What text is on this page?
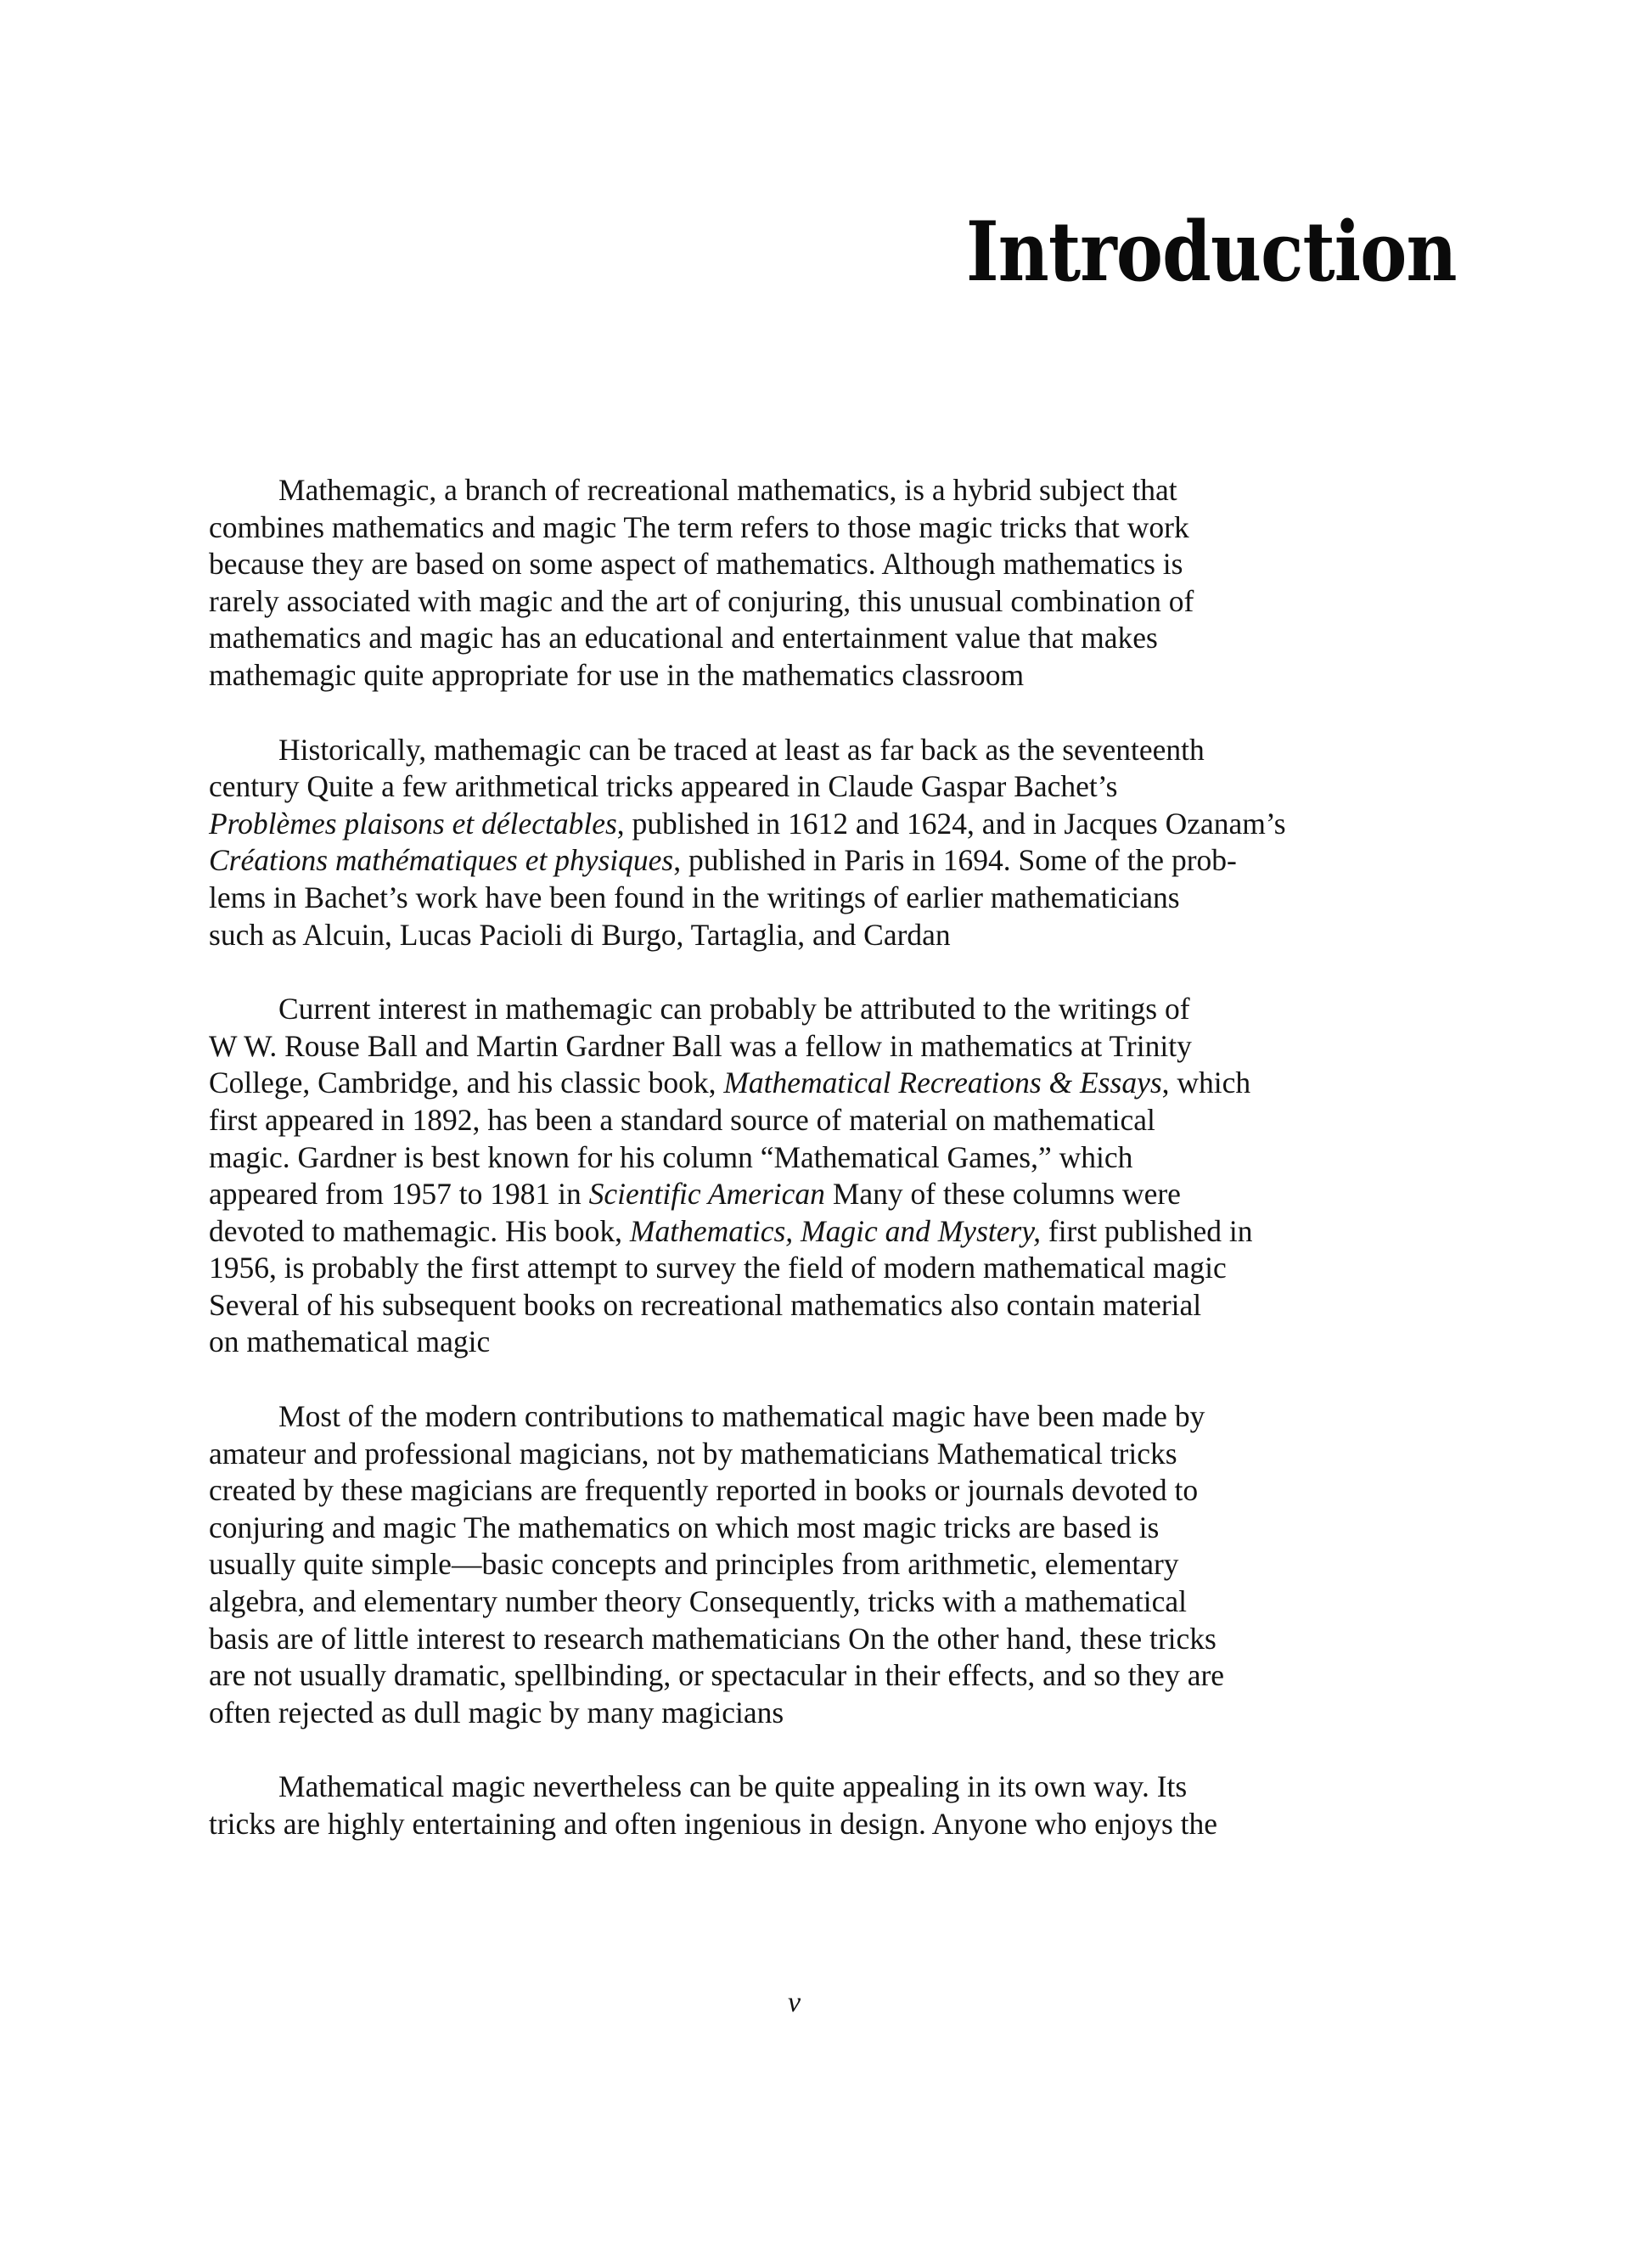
Introduction

Mathemagic, a branch of recreational mathematics, is a hybrid subject that
combines mathematics and magic The term refers to those magic tricks that work
because they are based on some aspect of mathematics. Although mathematics is
rarely associated with magic and the art of conjuring, this unusual combination of
mathematics and magic has an educational and entertainment value that makes
mathemagic quite appropriate for use in the mathematics classroom

Historically, mathemagic can be traced at least as far back as the seventeenth
century Quite a few arithmetical tricks appeared in Claude Gaspar Bachet’s
Problèmes plaisons et délectables, published in 1612 and 1624, and in Jacques Ozanam’s
Créations mathématiques et physiques, published in Paris in 1694. Some of the prob-
lems in Bachet’s work have been found in the writings of earlier mathematicians
such as Alcuin, Lucas Pacioli di Burgo, Tartaglia, and Cardan

Current interest in mathemagic can probably be attributed to the writings of
W W. Rouse Ball and Martin Gardner Ball was a fellow in mathematics at Trinity
College, Cambridge, and his classic book, Mathematical Recreations & Essays, which
first appeared in 1892, has been a standard source of material on mathematical
magic. Gardner is best known for his column “Mathematical Games,” which
appeared from 1957 to 1981 in Scientific American Many of these columns were
devoted to mathemagic. His book, Mathematics, Magic and Mystery, first published in
1956, is probably the first attempt to survey the field of modern mathematical magic
Several of his subsequent books on recreational mathematics also contain material
on mathematical magic

Most of the modern contributions to mathematical magic have been made by
amateur and professional magicians, not by mathematicians Mathematical tricks
created by these magicians are frequently reported in books or journals devoted to
conjuring and magic The mathematics on which most magic tricks are based is
usually quite simple—basic concepts and principles from arithmetic, elementary
algebra, and elementary number theory Consequently, tricks with a mathematical
basis are of little interest to research mathematicians On the other hand, these tricks
are not usually dramatic, spellbinding, or spectacular in their effects, and so they are
often rejected as dull magic by many magicians

Mathematical magic nevertheless can be quite appealing in its own way. Its
tricks are highly entertaining and often ingenious in design. Anyone who enjoys the

v
